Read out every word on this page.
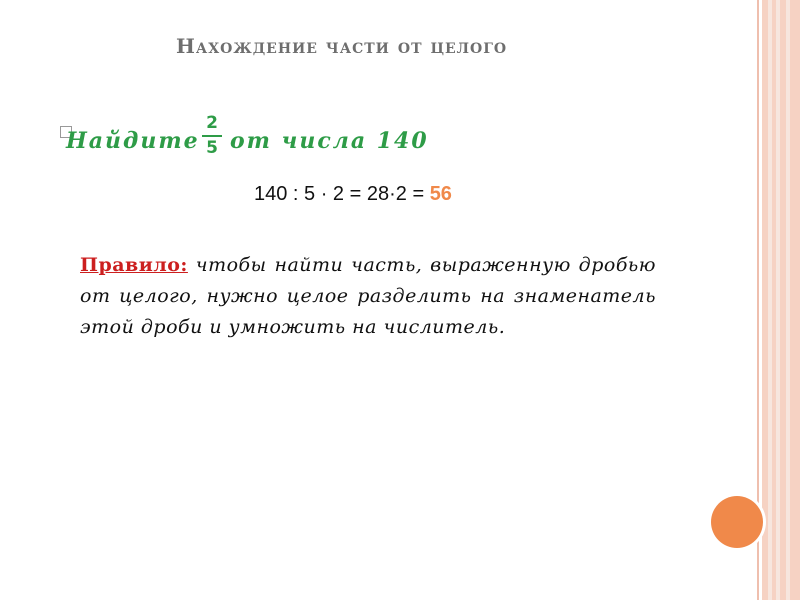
Нахождение части от целого
Найдите
2
5 от числа 140
140 : 5 · 2 = 28·2 = 56
Правило: чтобы найти часть, выраженную дробью от целого, нужно целое разделить на знаменатель этой дроби и умножить на числитель.
